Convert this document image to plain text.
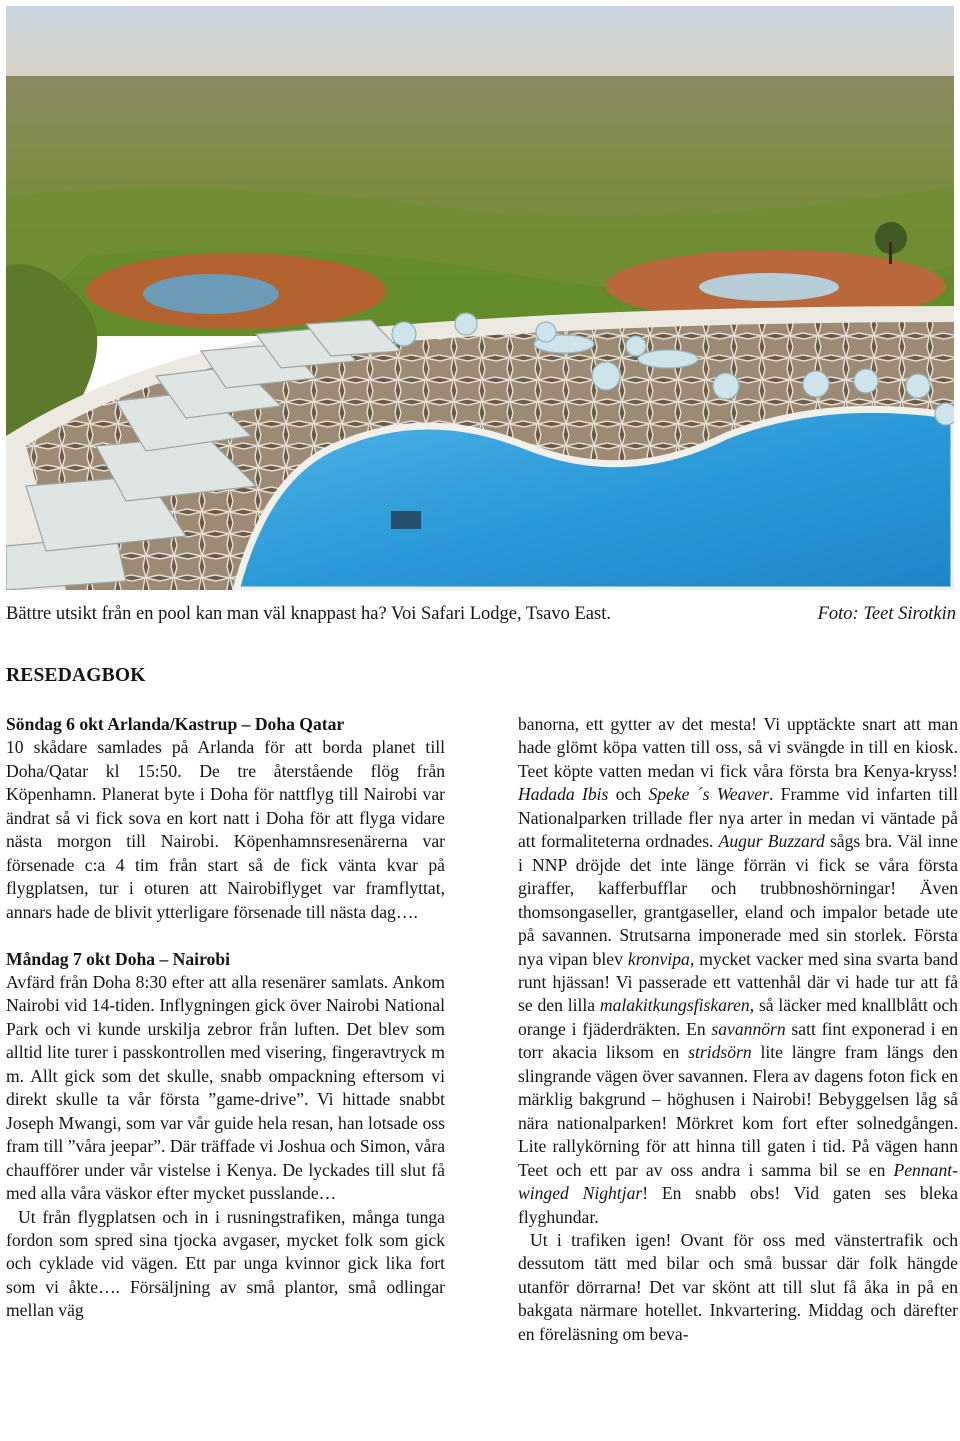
Bättre utsikt från en pool kan man väl knappast ha? Voi Safari Lodge, Tsavo East.	Foto: Teet Sirotkin
RESEDAGBOK

Söndag 6 okt Arlanda/Kastrup – Doha Qatar

10 skådare samlades på Arlanda för att borda planet till Doha/Qatar kl 15:50. De tre återstående flög från Köpenhamn. Planerat byte i Doha för nattflyg till Nairobi var ändrat så vi fick sova en kort natt i Doha för att flyga vidare nästa morgon till Nairobi. Köpenhamnsresenärerna var försenade c:a 4 tim från start så de fick vänta kvar på flygplatsen, tur i oturen att Nairobiflyget var framflyttat, annars hade de blivit ytterligare försenade till nästa dag….

Måndag 7 okt Doha – Nairobi

Avfärd från Doha 8:30 efter att alla resenärer samlats. Ankom Nairobi vid 14-tiden. Inflygningen gick över Nairobi National Park och vi kunde urskilja zebror från luften. Det blev som alltid lite turer i passkontrollen med visering, fingeravtryck m m. Allt gick som det skulle, snabb ompackning eftersom vi direkt skulle ta vår första ”game-drive”. Vi hittade snabbt Joseph Mwangi, som var vår guide hela resan, han lotsade oss fram till ”våra jeepar”. Där träffade vi Joshua och Simon, våra chaufförer under vår vistelse i Kenya. De lyckades till slut få med alla våra väskor efter mycket pusslande…

Ut från flygplatsen och in i rusningstrafiken, många tunga fordon som spred sina tjocka avgaser, mycket folk som gick och cyklade vid vägen. Ett par unga kvinnor gick lika fort som vi åkte…. Försäljning av små plantor, små odlingar mellan väg

banorna, ett gytter av det mesta! Vi upptäckte snart att man hade glömt köpa vatten till oss, så vi svängde in till en kiosk. Teet köpte vatten medan vi fick våra första bra Kenya-kryss! Hadada Ibis och Speke ´s Weaver. Framme vid infarten till Nationalparken trillade fler nya arter in medan vi väntade på att formaliteterna ordnades. Augur Buzzard sågs bra. Väl inne i NNP dröjde det inte länge förrän vi fick se våra första giraffer, kafferbufflar och trubbnoshörningar! Även thomsongaseller, grantgaseller, eland och impalor betade ute på savannen. Strutsarna imponerade med sin storlek. Första nya vipan blev kronvipa, mycket vacker med sina svarta band runt hjässan! Vi passerade ett vattenhål där vi hade tur att få se den lilla malakitkungsfiskaren, så läcker med knallblått och orange i fjäderdräkten. En savannörn satt fint exponerad i en torr akacia liksom en stridsörn lite längre fram längs den slingrande vägen över savannen. Flera av dagens foton fick en märklig bakgrund – höghusen i Nairobi! Bebyggelsen låg så nära nationalparken! Mörkret kom fort efter solnedgången. Lite rallykörning för att hinna till gaten i tid. På vägen hann Teet och ett par av oss andra i samma bil se en Pennant-winged Nightjar! En snabb obs! Vid gaten ses bleka flyghundar.

Ut i trafiken igen! Ovant för oss med vänstertrafik och dessutom tätt med bilar och små bussar där folk hängde utanför dörrarna! Det var skönt att till slut få åka in på en bakgata närmare hotellet. Inkvartering. Middag och därefter en föreläsning om beva-
